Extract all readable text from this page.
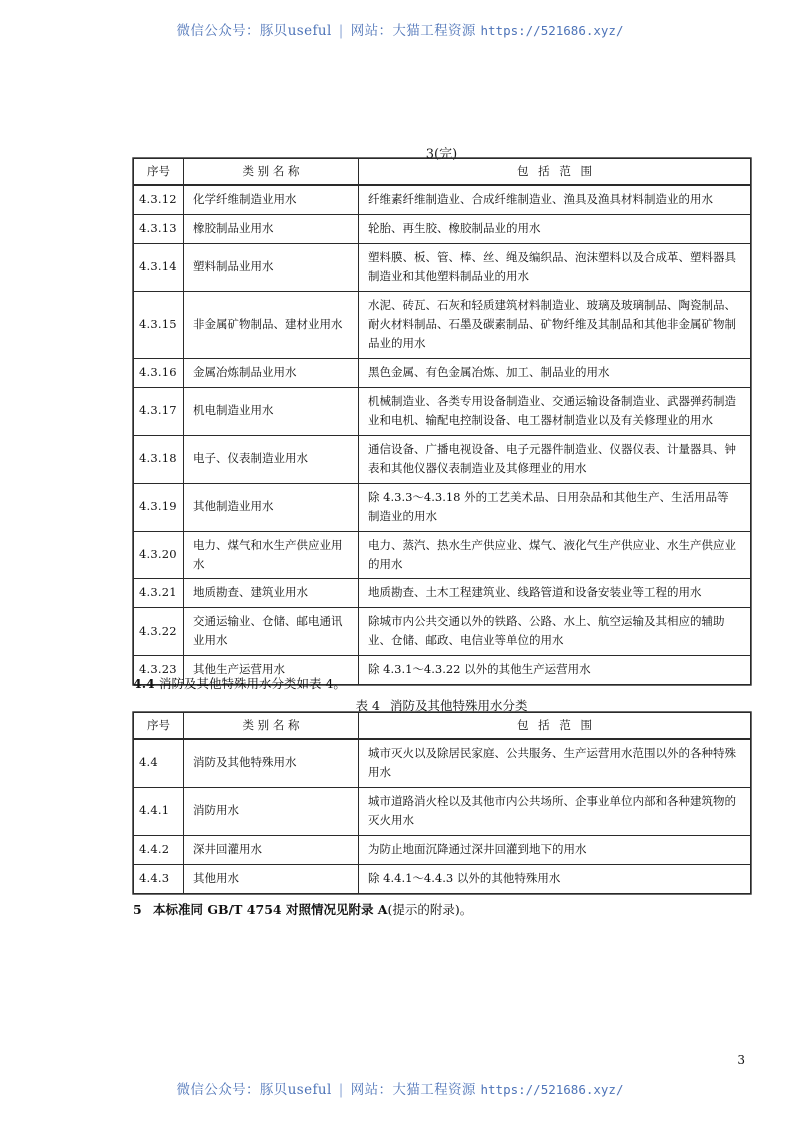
微信公众号：豚贝useful | 网站：大猫工程资源 https://521686.xyz/
3(完)
序号	类 别 名 称	包 括 范 围
4.3.12	化学纤维制造业用水	纤维素纤维制造业、合成纤维制造业、渔具及渔具材料制造业的用水
4.3.13	橡胶制品业用水	轮胎、再生胶、橡胶制品业的用水
4.3.14	塑料制品业用水	塑料膜、板、管、棒、丝、绳及编织品、泡沫塑料以及合成革、塑料器具制造业和其他塑料制品业的用水
4.3.15	非金属矿物制品、建材业用水	水泥、砖瓦、石灰和轻质建筑材料制造业、玻璃及玻璃制品、陶瓷制品、耐火材料制品、石墨及碳素制品、矿物纤维及其制品和其他非金属矿物制品业的用水
4.3.16	金属冶炼制品业用水	黑色金属、有色金属冶炼、加工、制品业的用水
4.3.17	机电制造业用水	机械制造业、各类专用设备制造业、交通运输设备制造业、武器弹药制造业和电机、输配电控制设备、电工器材制造业以及有关修理业的用水
4.3.18	电子、仪表制造业用水	通信设备、广播电视设备、电子元器件制造业、仪器仪表、计量器具、钟表和其他仪器仪表制造业及其修理业的用水
4.3.19	其他制造业用水	除 4.3.3～4.3.18 外的工艺美术品、日用杂品和其他生产、生活用品等制造业的用水
4.3.20	电力、煤气和水生产供应业用水	电力、蒸汽、热水生产供应业、煤气、液化气生产供应业、水生产供应业的用水
4.3.21	地质勘查、建筑业用水	地质勘查、土木工程建筑业、线路管道和设备安装业等工程的用水
4.3.22	交通运输业、仓储、邮电通讯业用水	除城市内公共交通以外的铁路、公路、水上、航空运输及其相应的辅助业、仓储、邮政、电信业等单位的用水
4.3.23	其他生产运营用水	除 4.3.1～4.3.22 以外的其他生产运营用水
4.4 消防及其他特殊用水分类如表 4。
表 4 消防及其他特殊用水分类
序号	类 别 名 称	包 括 范 围
4.4	消防及其他特殊用水	城市灭火以及除居民家庭、公共服务、生产运营用水范围以外的各种特殊用水
4.4.1	消防用水	城市道路消火栓以及其他市内公共场所、企事业单位内部和各种建筑物的灭火用水
4.4.2	深井回灌用水	为防止地面沉降通过深井回灌到地下的用水
4.4.3	其他用水	除 4.4.1～4.4.3 以外的其他特殊用水
5 本标准同 GB/T 4754 对照情况见附录 A(提示的附录)。
3
微信公众号：豚贝useful | 网站：大猫工程资源 https://521686.xyz/
